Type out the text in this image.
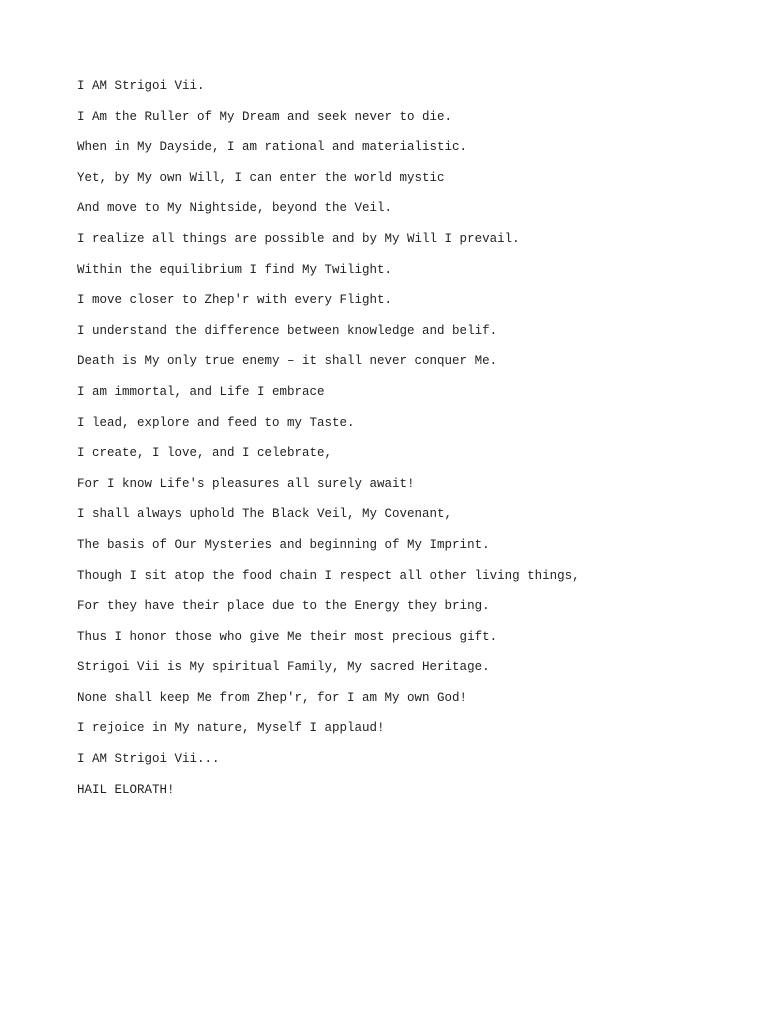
I AM Strigoi Vii.
I Am the Ruller of My Dream and seek never to die.
When in My Dayside, I am rational and materialistic.
Yet, by My own Will, I can enter the world mystic
And move to My Nightside, beyond the Veil.
I realize all things are possible and by My Will I prevail.
Within the equilibrium I find My Twilight.
I move closer to Zhep'r with every Flight.
I understand the difference between knowledge and belif.
Death is My only true enemy – it shall never conquer Me.
I am immortal, and Life I embrace
I lead, explore and feed to my Taste.
I create, I love, and I celebrate,
For I know Life's pleasures all surely await!
I shall always uphold The Black Veil, My Covenant,
The basis of Our Mysteries and beginning of My Imprint.
Though I sit atop the food chain I respect all other living things,
For they have their place due to the Energy they bring.
Thus I honor those who give Me their most precious gift.
Strigoi Vii is My spiritual Family, My sacred Heritage.
None shall keep Me from Zhep'r, for I am My own God!
I rejoice in My nature, Myself I applaud!
I AM Strigoi Vii...
HAIL ELORATH!
